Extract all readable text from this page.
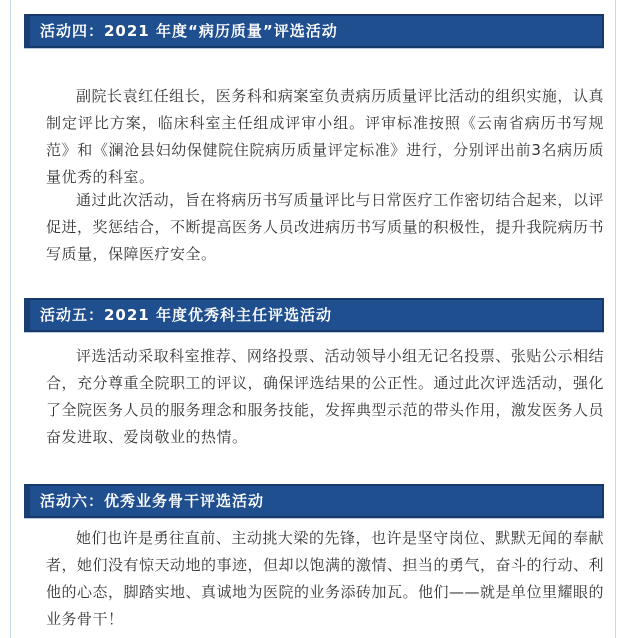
活动四：2021 年度“病历质量”评选活动

副院长袁红任组长，医务科和病案室负责病历质量评比活动的组织实施，认真制定评比方案，临床科室主任组成评审小组。评审标准按照《云南省病历书写规范》和《澜沧县妇幼保健院住院病历质量评定标准》进行，分别评出前3名病历质量优秀的科室。

通过此次活动，旨在将病历书写质量评比与日常医疗工作密切结合起来，以评促进，奖惩结合，不断提高医务人员改进病历书写质量的积极性，提升我院病历书写质量，保障医疗安全。

活动五：2021 年度优秀科主任评选活动

评选活动采取科室推荐、网络投票、活动领导小组无记名投票、张贴公示相结合，充分尊重全院职工的评议，确保评选结果的公正性。通过此次评选活动，强化了全院医务人员的服务理念和服务技能，发挥典型示范的带头作用，激发医务人员奋发进取、爱岗敬业的热情。

活动六：优秀业务骨干评选活动

她们也许是勇往直前、主动挑大梁的先锋，也许是坚守岗位、默默无闻的奉献者，她们没有惊天动地的事迹，但却以饱满的激情、担当的勇气，奋斗的行动、利他的心态，脚踏实地、真诚地为医院的业务添砖加瓦。他们——就是单位里耀眼的业务骨干！
